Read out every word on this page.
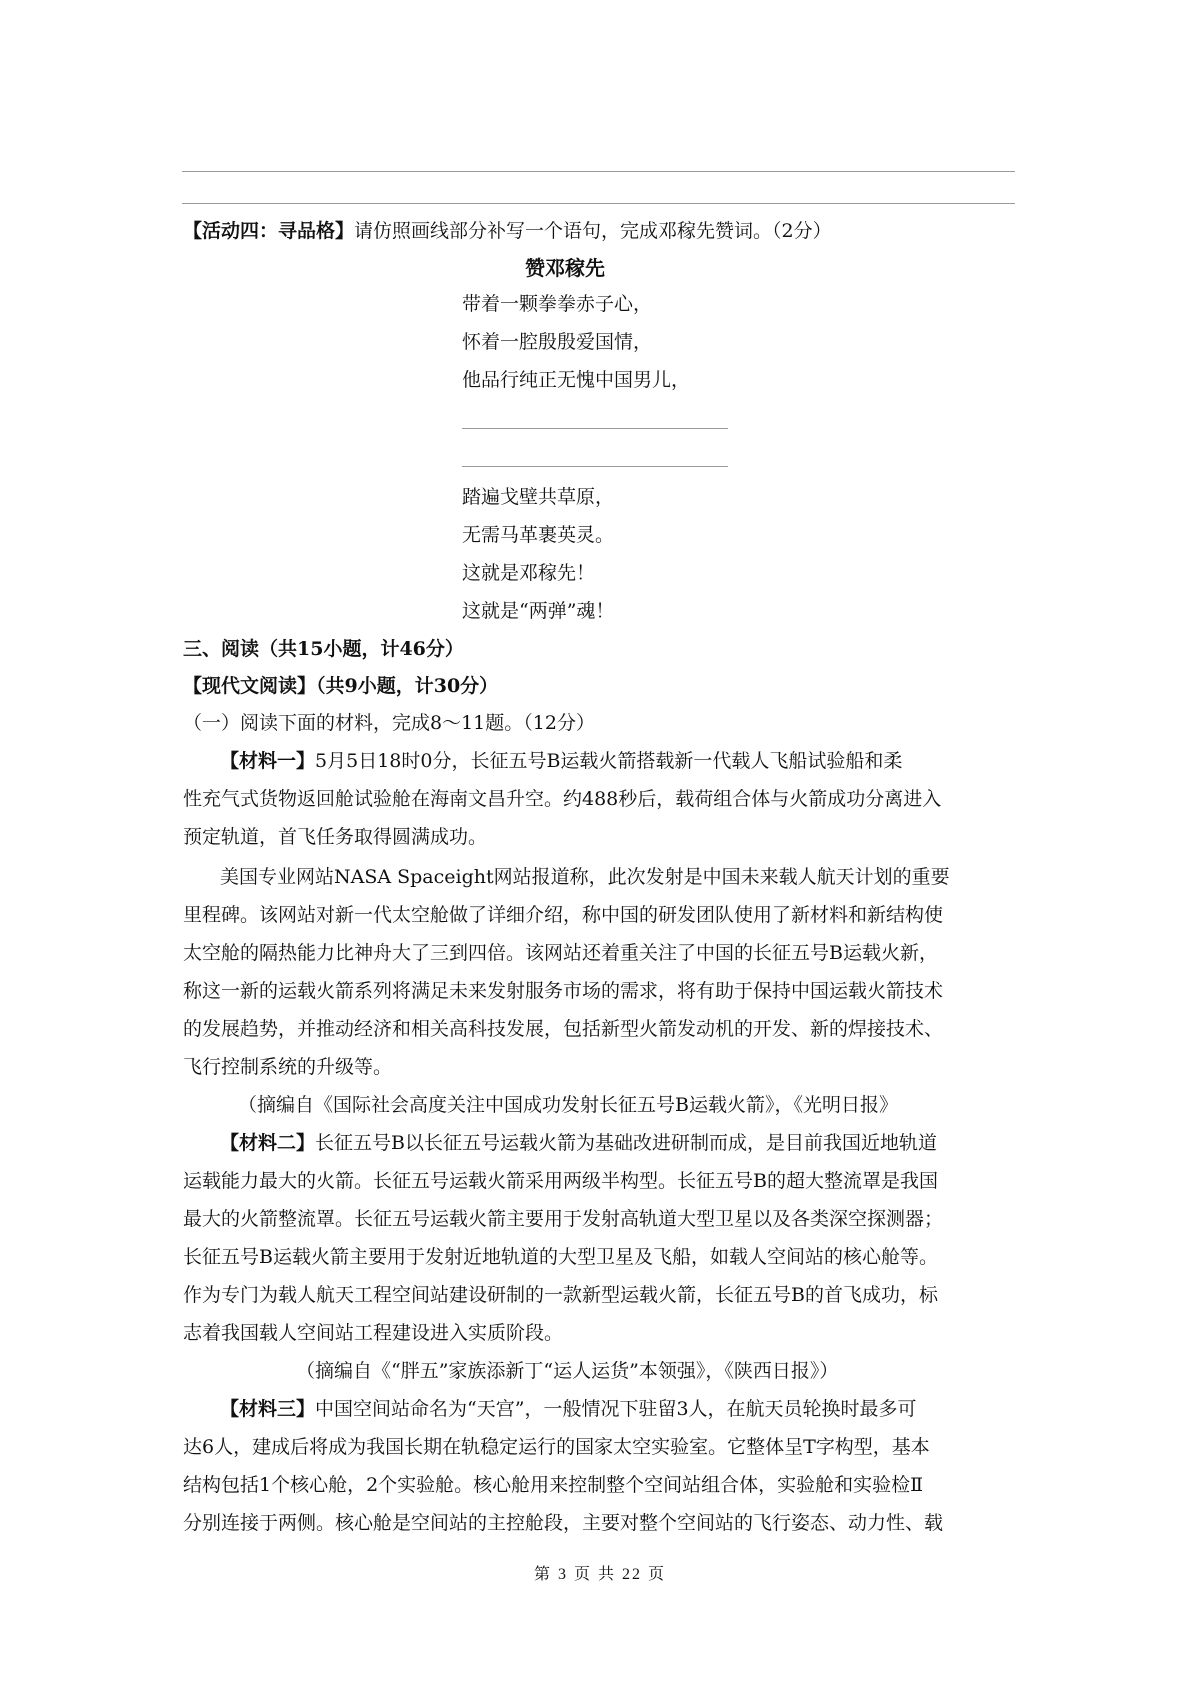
【活动四：寻品格】请仿照画线部分补写一个语句，完成邓稼先赞词。（2分）
赞邓稼先
带着一颗拳拳赤子心，
怀着一腔殷殷爱国情，
他品行纯正无愧中国男儿，
踏遍戈壁共草原，
无需马革裹英灵。
这就是邓稼先！
这就是“两弹”魂！
三、阅读（共15小题，计46分）
【现代文阅读】（共9小题，计30分）
（一）阅读下面的材料，完成8～11题。（12分）
【材料一】5月5日18时0分，长征五号B运载火箭搭载新一代载人飞船试验船和柔
性充气式货物返回舱试验舱在海南文昌升空。约488秒后，载荷组合体与火箭成功分离进入
预定轨道，首飞任务取得圆满成功。
美国专业网站NASA Spaceight网站报道称，此次发射是中国未来载人航天计划的重要
里程碑。该网站对新一代太空舱做了详细介绍，称中国的研发团队使用了新材料和新结构使
太空舱的隔热能力比神舟大了三到四倍。该网站还着重关注了中国的长征五号B运载火新，
称这一新的运载火箭系列将满足未来发射服务市场的需求，将有助于保持中国运载火箭技术
的发展趋势，并推动经济和相关高科技发展，包括新型火箭发动机的开发、新的焊接技术、
飞行控制系统的升级等。
（摘编自《国际社会高度关注中国成功发射长征五号B运载火箭》，《光明日报》
【材料二】长征五号B以长征五号运载火箭为基础改进研制而成，是目前我国近地轨道
运载能力最大的火箭。长征五号运载火箭采用两级半构型。长征五号B的超大整流罩是我国
最大的火箭整流罩。长征五号运载火箭主要用于发射高轨道大型卫星以及各类深空探测器；
长征五号B运载火箭主要用于发射近地轨道的大型卫星及飞船，如载人空间站的核心舱等。
作为专门为载人航天工程空间站建设研制的一款新型运载火箭，长征五号B的首飞成功，标
志着我国载人空间站工程建设进入实质阶段。
（摘编自《“胖五”家族添新丁“运人运货”本领强》，《陕西日报》）
【材料三】中国空间站命名为“天宫”，一般情况下驻留3人，在航天员轮换时最多可
达6人，建成后将成为我国长期在轨稳定运行的国家太空实验室。它整体呈T字构型，基本
结构包括1个核心舱，2个实验舱。核心舱用来控制整个空间站组合体，实验舱和实验检Ⅱ
分别连接于两侧。核心舱是空间站的主控舱段，主要对整个空间站的飞行姿态、动力性、载
第 3 页 共 22 页
